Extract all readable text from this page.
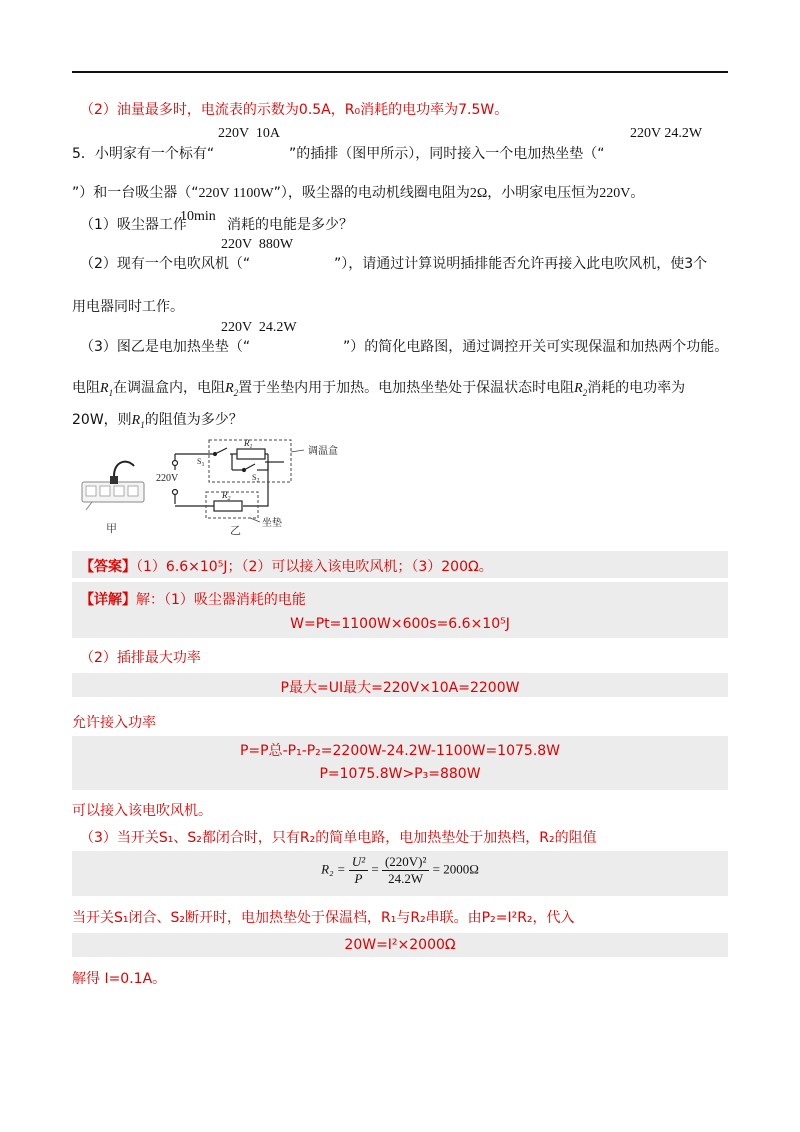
（2）油量最多时，电流表的示数为0.5A，R₀消耗的电功率为7.5W。
5．小明家有一个标有“
220V  10A
”的插排（图甲所示），同时接入一个电加热坐垫（“
220V 24.2W
”）和一台吸尘器（“220V 1100W”），吸尘器的电动机线圈电阻为2Ω，小明家电压恒为220V。
（1）吸尘器工作
10min
消耗的电能是多少？
（2）现有一个电吹风机（“
220V  880W
”），请通过计算说明插排能否允许再接入此电吹风机，使3个
用电器同时工作。
（3）图乙是电加热坐垫（“
220V  24.2W
”）的简化电路图，通过调控开关可实现保温和加热两个功能。
电阻$R_1$在调温盒内，电阻$R_2$置于坐垫内用于加热。电加热坐垫处于保温状态时电阻$R_2$消耗的电功率为
20W，则$R_1$的阻值为多少？
甲
调温盒
坐垫
220V
乙
$R_1$
$R_2$
$S_1$
$S_2$
【答案】（1）6.6×10⁵J；（2）可以接入该电吹风机；（3）200Ω。
【详解】解：（1）吸尘器消耗的电能
W=Pt=1100W×600s=6.6×10⁵J
（2）插排最大功率
P最大=UI最大=220V×10A=2200W
允许接入功率
P=P总-P₁-P₂=2200W-24.2W-1100W=1075.8W
P=1075.8W>P₃=880W
可以接入该电吹风机。
（3）当开关S₁、S₂都闭合时，只有R₂的简单电路，电加热垫处于加热档，R₂的阻值
$R_2 = \frac{\text{U²}}{P} = \frac{\text{(220V)²}}{24.2W} = 2000\Omega$
当开关S₁闭合、S₂断开时，电加热垫处于保温档，R₁与R₂串联。由P₂=I²R₂，代入
20W=I²×2000Ω
解得 I=0.1A。
